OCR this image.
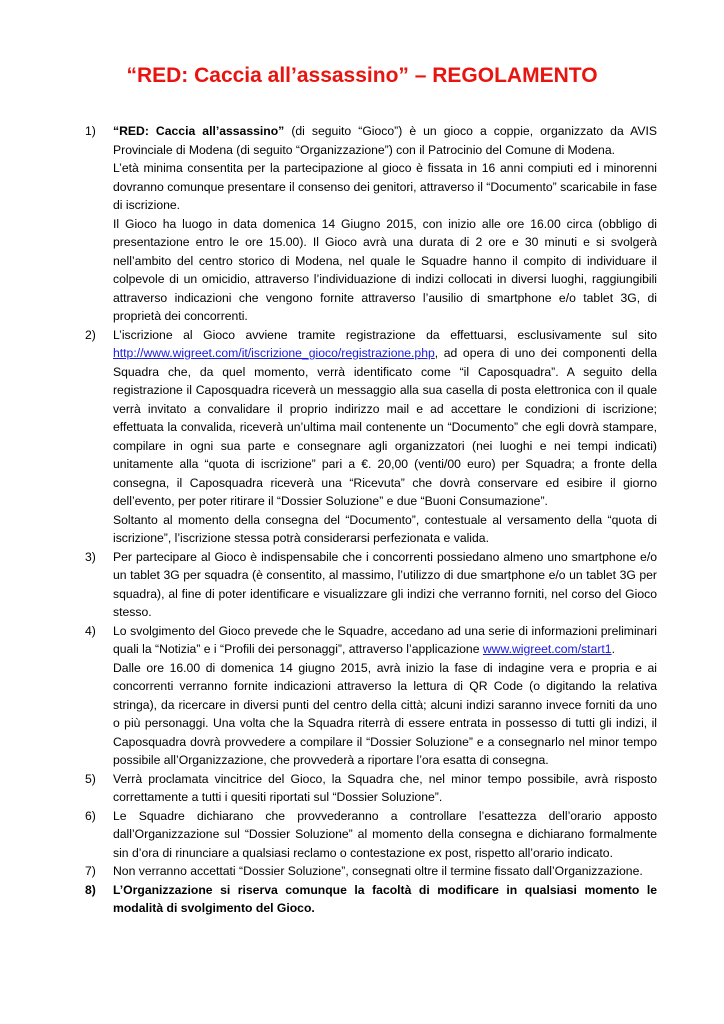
“RED: Caccia all’assassino” – REGOLAMENTO
1)	“RED: Caccia all’assassino” (di seguito “Gioco”) è un gioco a coppie, organizzato da AVIS Provinciale di Modena (di seguito “Organizzazione”) con il Patrocinio del Comune di Modena.

L’età minima consentita per la partecipazione al gioco è fissata in 16 anni compiuti ed i minorenni dovranno comunque presentare il consenso dei genitori, attraverso il “Documento” scaricabile in fase di iscrizione.

Il Gioco ha luogo in data domenica 14 Giugno 2015, con inizio alle ore 16.00 circa (obbligo di presentazione entro le ore 15.00). Il Gioco avrà una durata di 2 ore e 30 minuti e si svolgerà nell’ambito del centro storico di Modena, nel quale le Squadre hanno il compito di individuare il colpevole di un omicidio, attraverso l’individuazione di indizi collocati in diversi luoghi, raggiungibili attraverso indicazioni che vengono fornite attraverso l’ausilio di smartphone e/o tablet 3G, di proprietà dei concorrenti.

2)	L’iscrizione al Gioco avviene tramite registrazione da effettuarsi, esclusivamente sul sito http://www.wigreet.com/it/iscrizione_gioco/registrazione.php, ad opera di uno dei componenti della Squadra che, da quel momento, verrà identificato come “il Caposquadra”. A seguito della registrazione il Caposquadra riceverà un messaggio alla sua casella di posta elettronica con il quale verrà invitato a convalidare il proprio indirizzo mail e ad accettare le condizioni di iscrizione; effettuata la convalida, riceverà un’ultima mail contenente un “Documento” che egli dovrà stampare, compilare in ogni sua parte e consegnare agli organizzatori (nei luoghi e nei tempi indicati) unitamente alla “quota di iscrizione” pari a €. 20,00 (venti/00 euro) per Squadra; a fronte della consegna, il Caposquadra riceverà una “Ricevuta” che dovrà conservare ed esibire il giorno dell’evento, per poter ritirare il “Dossier Soluzione” e due “Buoni Consumazione”.

Soltanto al momento della consegna del “Documento”, contestuale al versamento della “quota di iscrizione”, l’iscrizione stessa potrà considerarsi perfezionata e valida.

3)	Per partecipare al Gioco è indispensabile che i concorrenti possiedano almeno uno smartphone e/o un tablet 3G per squadra (è consentito, al massimo, l’utilizzo di due smartphone e/o un tablet 3G per squadra), al fine di poter identificare e visualizzare gli indizi che verranno forniti, nel corso del Gioco stesso.

4)	Lo svolgimento del Gioco prevede che le Squadre, accedano ad una serie di informazioni preliminari quali la “Notizia” e i “Profili dei personaggi”, attraverso l’applicazione www.wigreet.com/start1.

Dalle ore 16.00 di domenica 14 giugno 2015, avrà inizio la fase di indagine vera e propria e ai concorrenti verranno fornite indicazioni attraverso la lettura di QR Code (o digitando la relativa stringa), da ricercare in diversi punti del centro della città; alcuni indizi saranno invece forniti da uno o più personaggi. Una volta che la Squadra riterrà di essere entrata in possesso di tutti gli indizi, il Caposquadra dovrà provvedere a compilare il “Dossier Soluzione” e a consegnarlo nel minor tempo possibile all’Organizzazione, che provvederà a riportare l’ora esatta di consegna.

5)	Verrà proclamata vincitrice del Gioco, la Squadra che, nel minor tempo possibile, avrà risposto correttamente a tutti i quesiti riportati sul “Dossier Soluzione”.

6)	Le Squadre dichiarano che provvederanno a controllare l’esattezza dell’orario apposto dall’Organizzazione sul “Dossier Soluzione” al momento della consegna e dichiarano formalmente sin d’ora di rinunciare a qualsiasi reclamo o contestazione ex post, rispetto all’orario indicato.

7)	Non verranno accettati “Dossier Soluzione”, consegnati oltre il termine fissato dall’Organizzazione.

8)	L’Organizzazione si riserva comunque la facoltà di modificare in qualsiasi momento le modalità di svolgimento del Gioco.
